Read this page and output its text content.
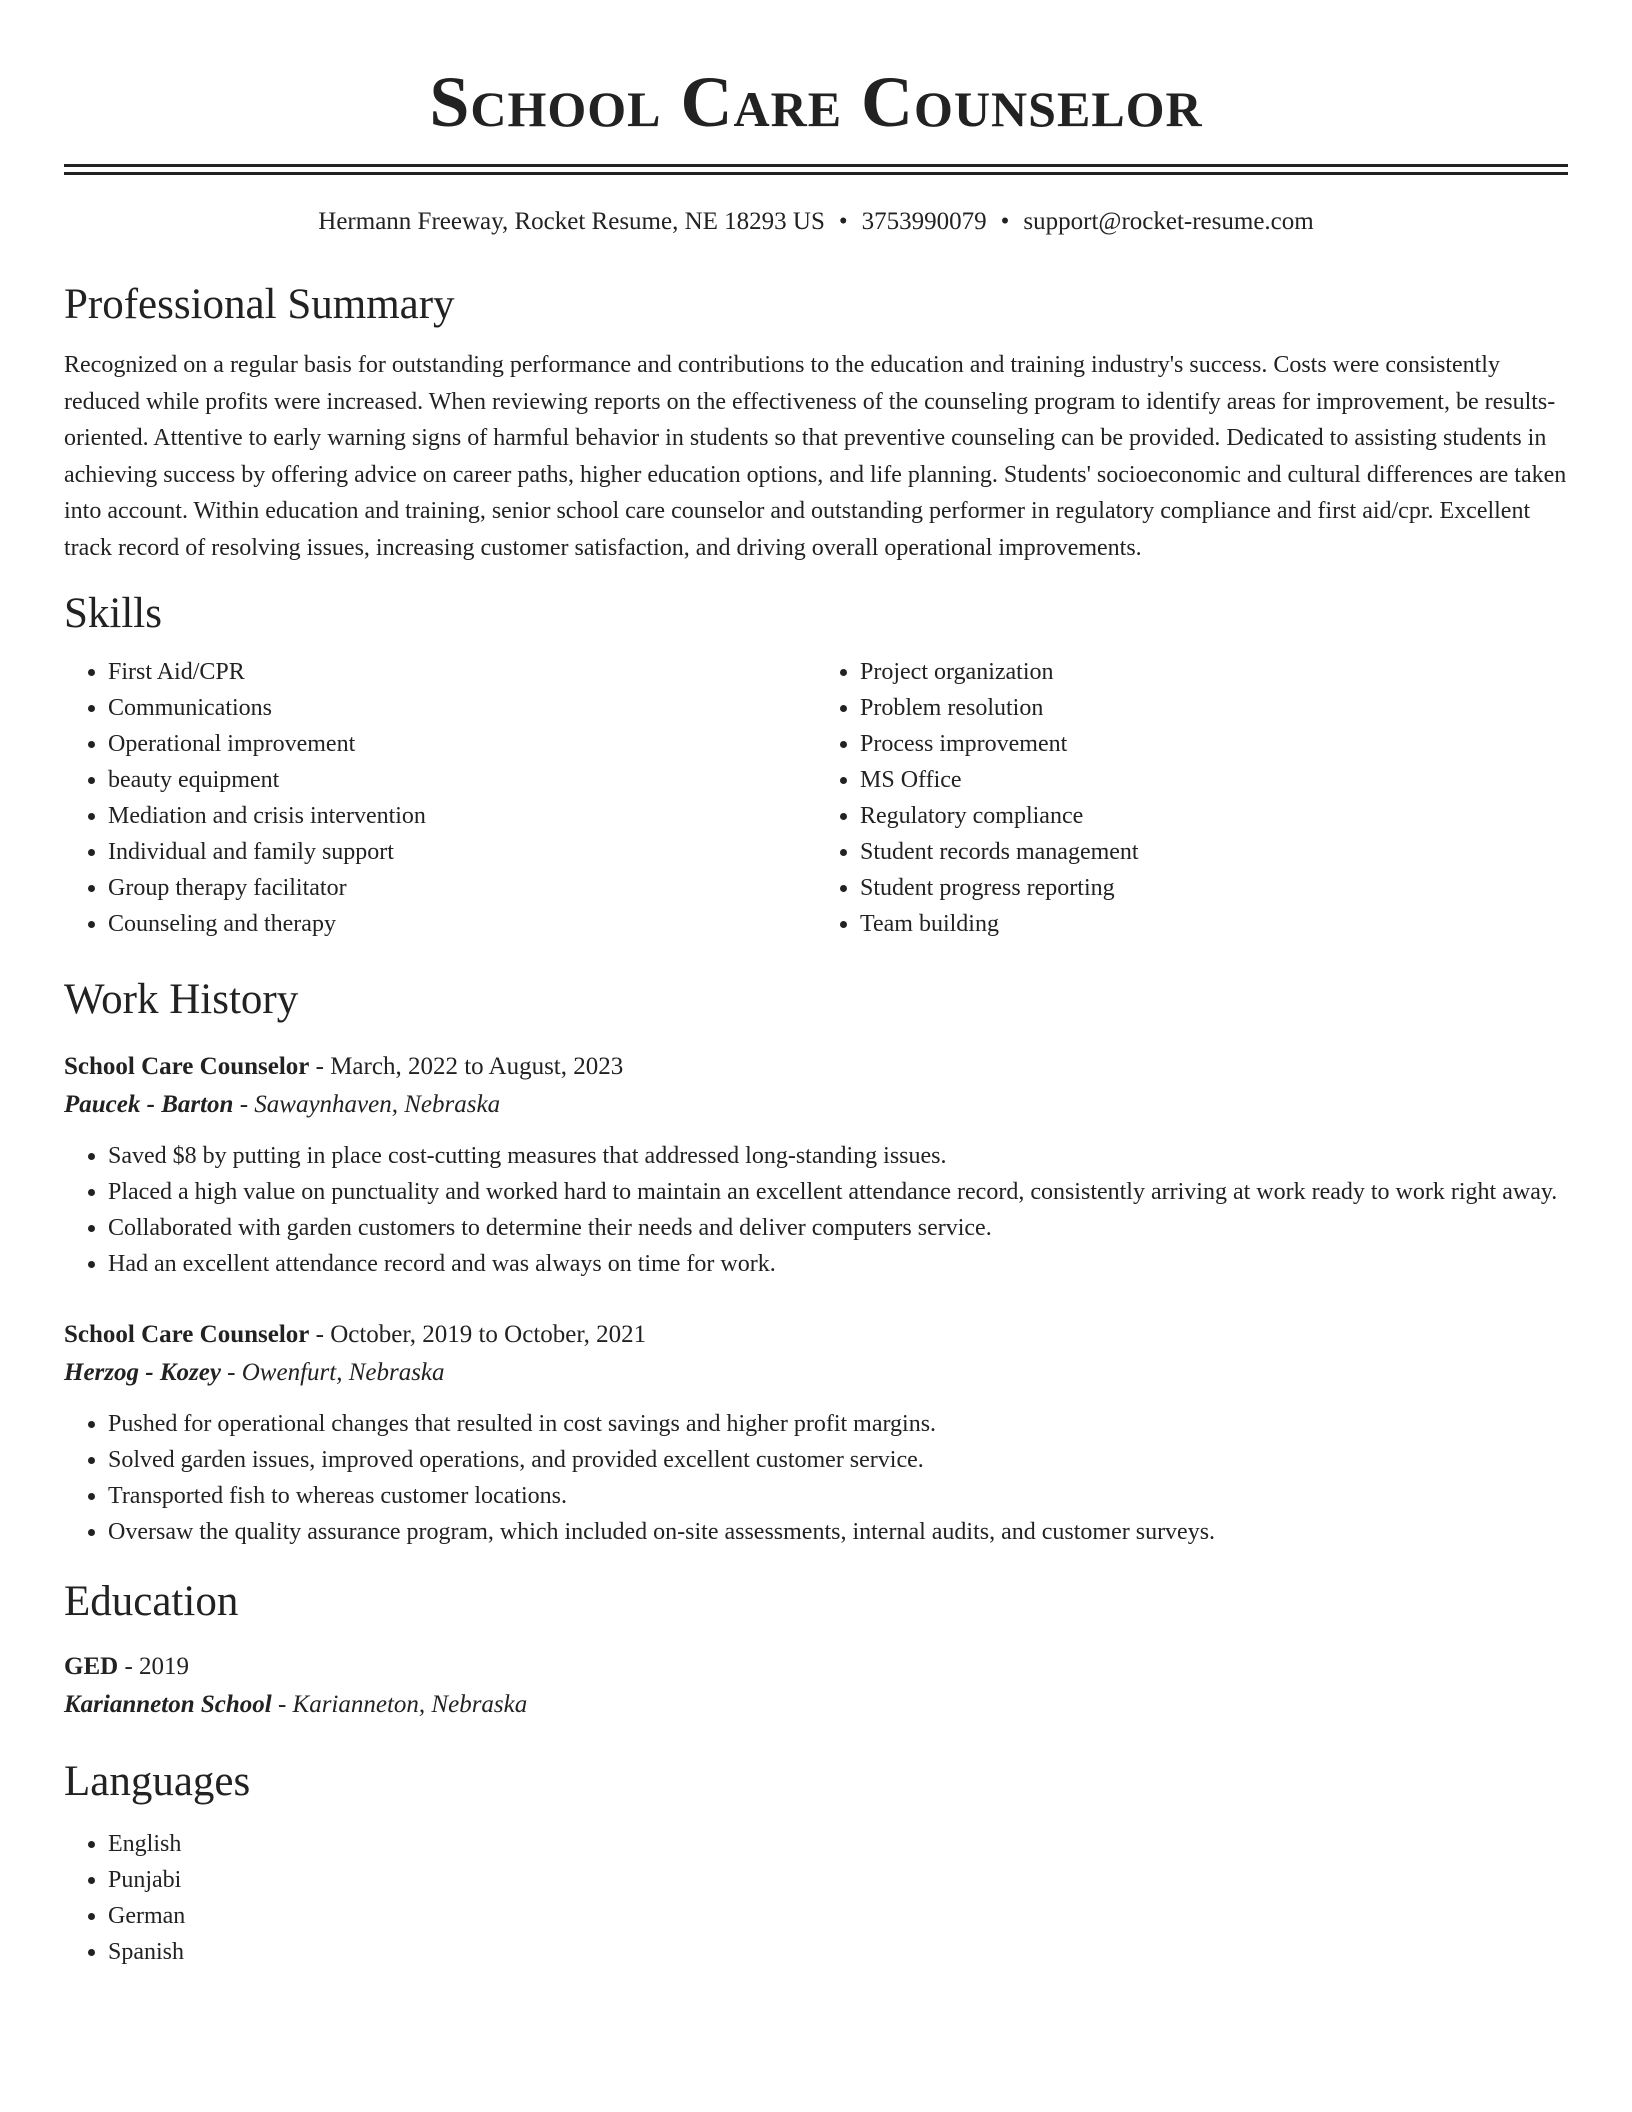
School Care Counselor
Hermann Freeway, Rocket Resume, NE 18293 US • 3753990079 • support@rocket-resume.com
Professional Summary

Recognized on a regular basis for outstanding performance and contributions to the education and training industry's success. Costs were consistently reduced while profits were increased. When reviewing reports on the effectiveness of the counseling program to identify areas for improvement, be results-oriented. Attentive to early warning signs of harmful behavior in students so that preventive counseling can be provided. Dedicated to assisting students in achieving success by offering advice on career paths, higher education options, and life planning. Students' socioeconomic and cultural differences are taken into account. Within education and training, senior school care counselor and outstanding performer in regulatory compliance and first aid/cpr. Excellent track record of resolving issues, increasing customer satisfaction, and driving overall operational improvements.

Skills
• First Aid/CPR
• Communications
• Operational improvement
• beauty equipment
• Mediation and crisis intervention
• Individual and family support
• Group therapy facilitator
• Counseling and therapy
• Project organization
• Problem resolution
• Process improvement
• MS Office
• Regulatory compliance
• Student records management
• Student progress reporting
• Team building
Work History
School Care Counselor - March, 2022 to August, 2023
Paucek - Barton - Sawaynhaven, Nebraska
• Saved $8 by putting in place cost-cutting measures that addressed long-standing issues.
• Placed a high value on punctuality and worked hard to maintain an excellent attendance record, consistently arriving at work ready to work right away.
• Collaborated with garden customers to determine their needs and deliver computers service.
• Had an excellent attendance record and was always on time for work.
School Care Counselor - October, 2019 to October, 2021
Herzog - Kozey - Owenfurt, Nebraska
• Pushed for operational changes that resulted in cost savings and higher profit margins.
• Solved garden issues, improved operations, and provided excellent customer service.
• Transported fish to whereas customer locations.
• Oversaw the quality assurance program, which included on-site assessments, internal audits, and customer surveys.
Education
GED - 2019
Karianneton School - Karianneton, Nebraska
Languages
• English
• Punjabi
• German
• Spanish
